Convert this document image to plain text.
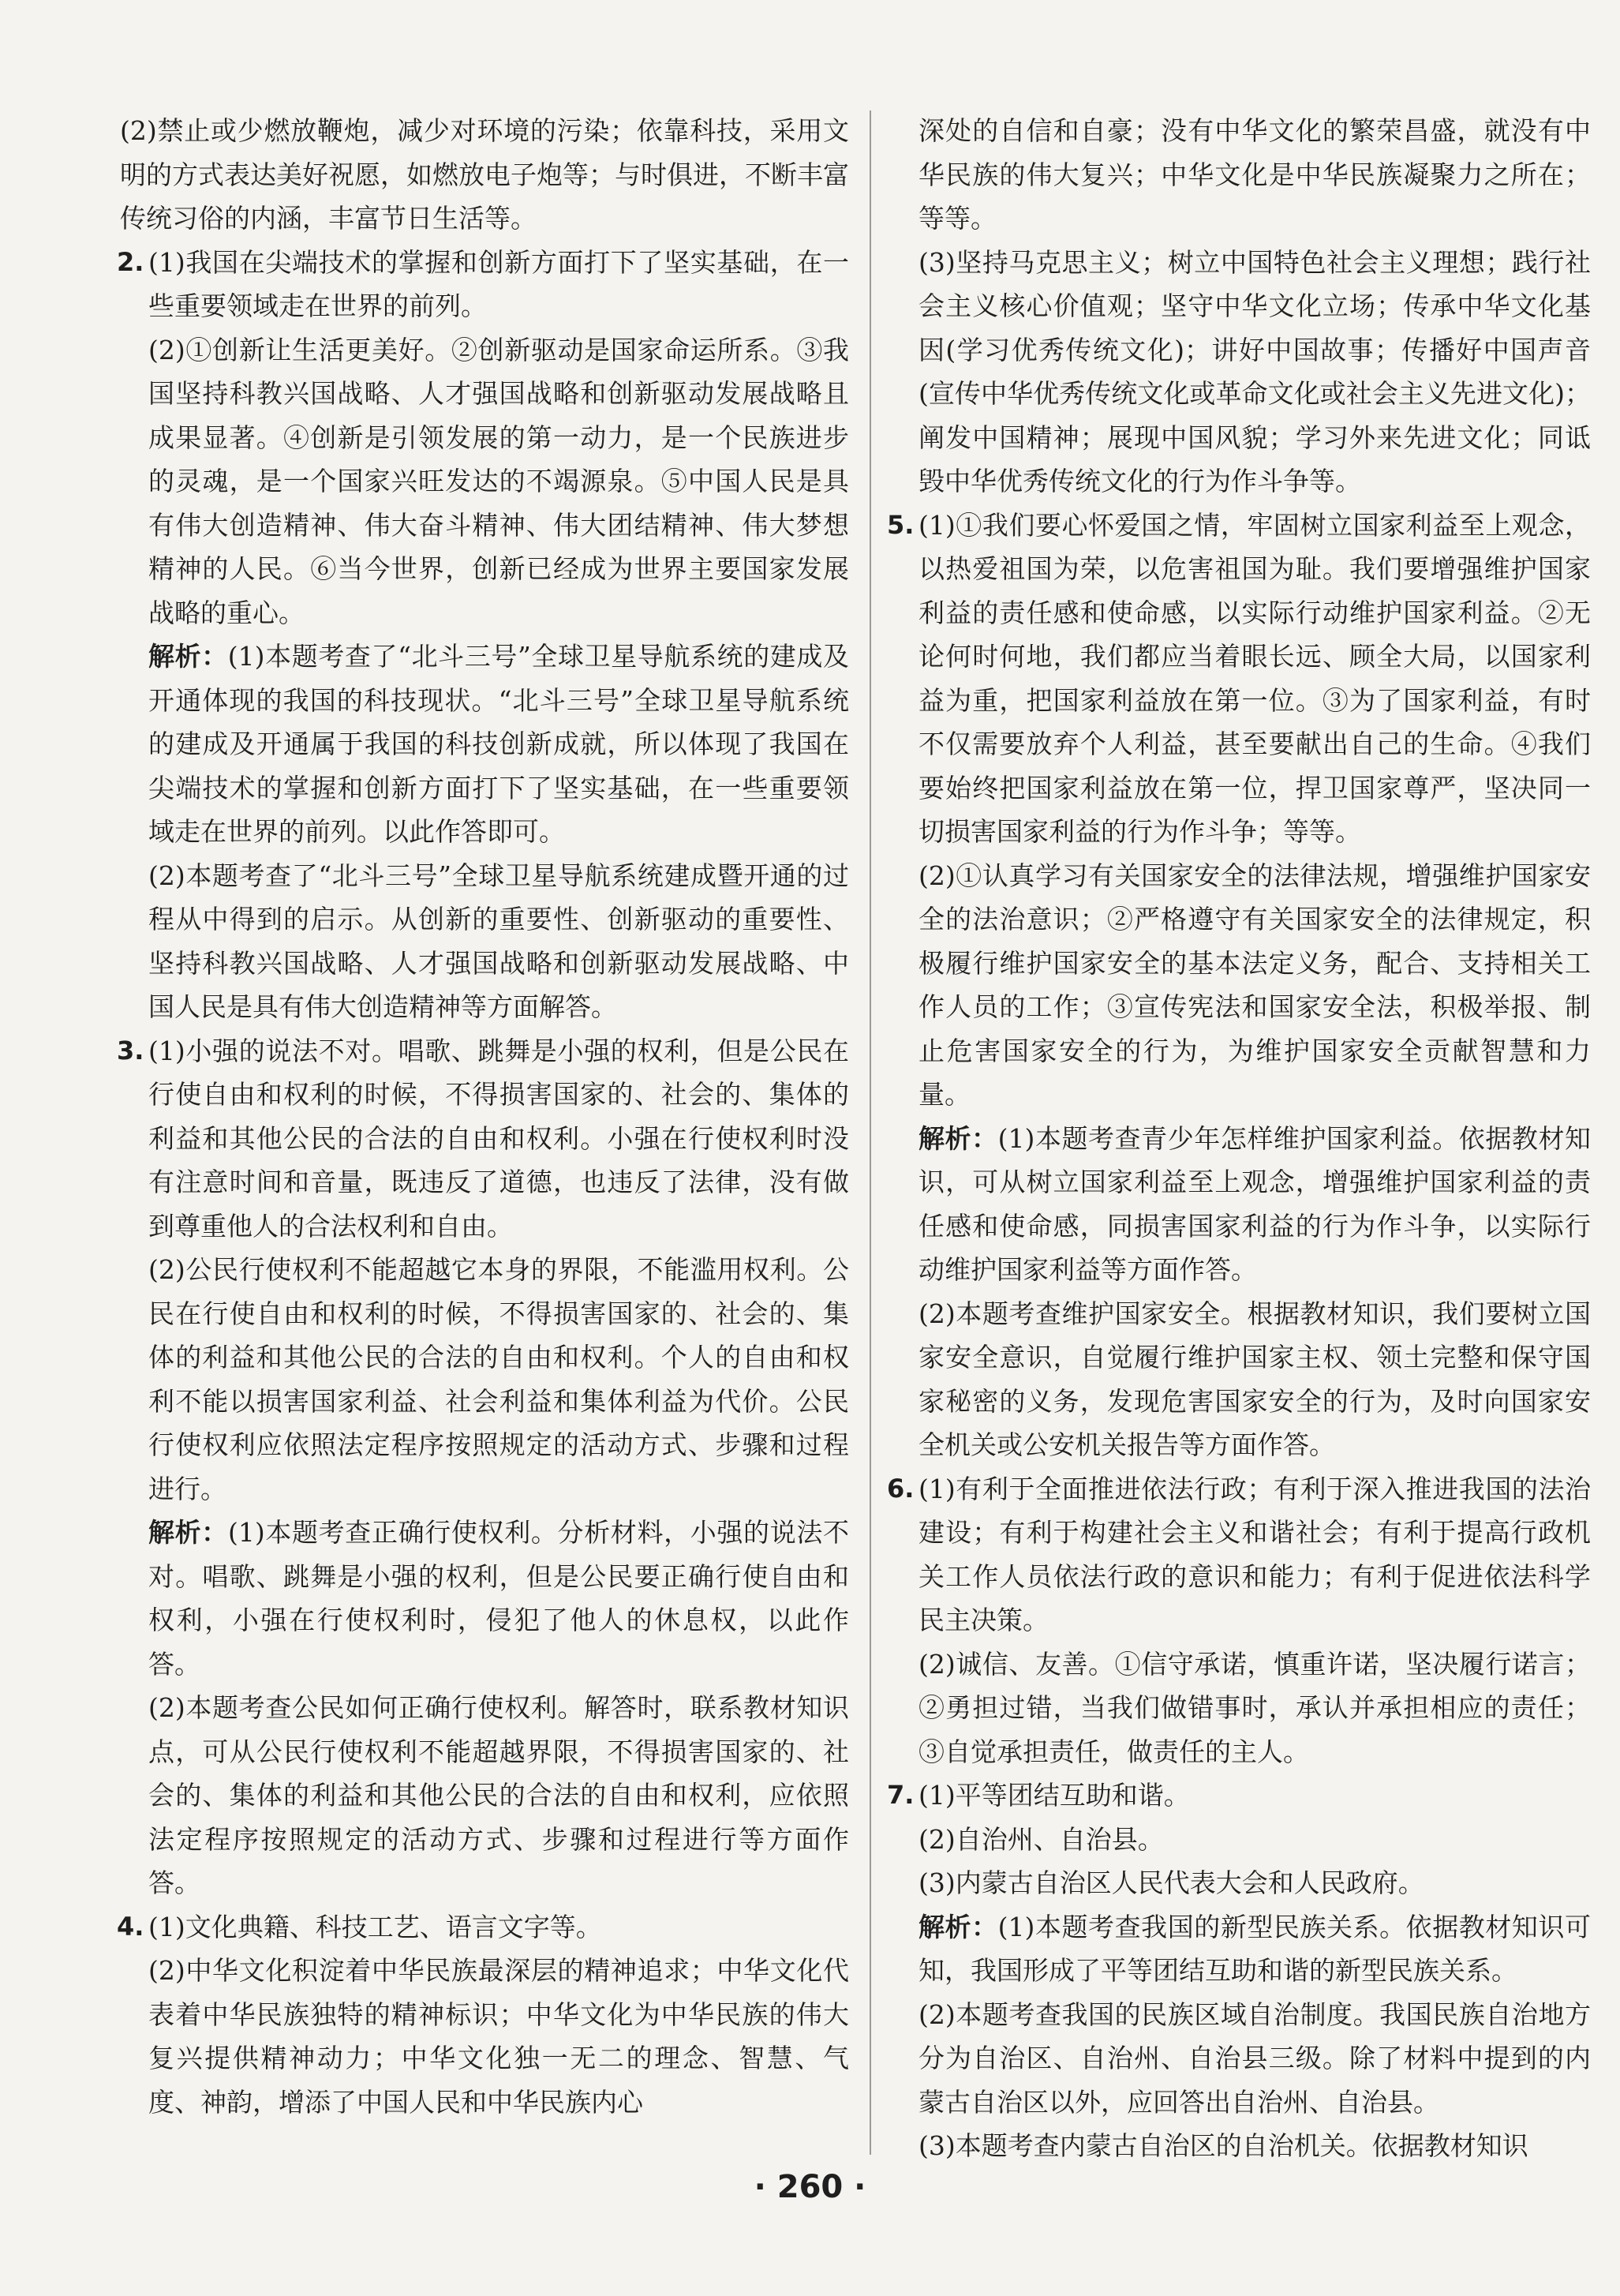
(2)禁止或少燃放鞭炮，减少对环境的污染；依靠科技，采用文明的方式表达美好祝愿，如燃放电子炮等；与时俱进，不断丰富传统习俗的内涵，丰富节日生活等。

2. (1)我国在尖端技术的掌握和创新方面打下了坚实基础，在一些重要领域走在世界的前列。

(2)①创新让生活更美好。②创新驱动是国家命运所系。③我国坚持科教兴国战略、人才强国战略和创新驱动发展战略且成果显著。④创新是引领发展的第一动力，是一个民族进步的灵魂，是一个国家兴旺发达的不竭源泉。⑤中国人民是具有伟大创造精神、伟大奋斗精神、伟大团结精神、伟大梦想精神的人民。⑥当今世界，创新已经成为世界主要国家发展战略的重心。

解析：(1)本题考查了“北斗三号”全球卫星导航系统的建成及开通体现的我国的科技现状。“北斗三号”全球卫星导航系统的建成及开通属于我国的科技创新成就，所以体现了我国在尖端技术的掌握和创新方面打下了坚实基础，在一些重要领域走在世界的前列。以此作答即可。

(2)本题考查了“北斗三号”全球卫星导航系统建成暨开通的过程从中得到的启示。从创新的重要性、创新驱动的重要性、坚持科教兴国战略、人才强国战略和创新驱动发展战略、中国人民是具有伟大创造精神等方面解答。

3. (1)小强的说法不对。唱歌、跳舞是小强的权利，但是公民在行使自由和权利的时候，不得损害国家的、社会的、集体的利益和其他公民的合法的自由和权利。小强在行使权利时没有注意时间和音量，既违反了道德，也违反了法律，没有做到尊重他人的合法权利和自由。

(2)公民行使权利不能超越它本身的界限，不能滥用权利。公民在行使自由和权利的时候，不得损害国家的、社会的、集体的利益和其他公民的合法的自由和权利。个人的自由和权利不能以损害国家利益、社会利益和集体利益为代价。公民行使权利应依照法定程序按照规定的活动方式、步骤和过程进行。

解析：(1)本题考查正确行使权利。分析材料，小强的说法不对。唱歌、跳舞是小强的权利，但是公民要正确行使自由和权利，小强在行使权利时，侵犯了他人的休息权，以此作答。

(2)本题考查公民如何正确行使权利。解答时，联系教材知识点，可从公民行使权利不能超越界限，不得损害国家的、社会的、集体的利益和其他公民的合法的自由和权利，应依照法定程序按照规定的活动方式、步骤和过程进行等方面作答。

4. (1)文化典籍、科技工艺、语言文字等。

(2)中华文化积淀着中华民族最深层的精神追求；中华文化代表着中华民族独特的精神标识；中华文化为中华民族的伟大复兴提供精神动力；中华文化独一无二的理念、智慧、气度、神韵，增添了中国人民和中华民族内心

深处的自信和自豪；没有中华文化的繁荣昌盛，就没有中华民族的伟大复兴；中华文化是中华民族凝聚力之所在；等等。

(3)坚持马克思主义；树立中国特色社会主义理想；践行社会主义核心价值观；坚守中华文化立场；传承中华文化基因(学习优秀传统文化)；讲好中国故事；传播好中国声音(宣传中华优秀传统文化或革命文化或社会主义先进文化)；阐发中国精神；展现中国风貌；学习外来先进文化；同诋毁中华优秀传统文化的行为作斗争等。

5. (1)①我们要心怀爱国之情，牢固树立国家利益至上观念，以热爱祖国为荣，以危害祖国为耻。我们要增强维护国家利益的责任感和使命感，以实际行动维护国家利益。②无论何时何地，我们都应当着眼长远、顾全大局，以国家利益为重，把国家利益放在第一位。③为了国家利益，有时不仅需要放弃个人利益，甚至要献出自己的生命。④我们要始终把国家利益放在第一位，捍卫国家尊严，坚决同一切损害国家利益的行为作斗争；等等。

(2)①认真学习有关国家安全的法律法规，增强维护国家安全的法治意识；②严格遵守有关国家安全的法律规定，积极履行维护国家安全的基本法定义务，配合、支持相关工作人员的工作；③宣传宪法和国家安全法，积极举报、制止危害国家安全的行为，为维护国家安全贡献智慧和力量。

解析：(1)本题考查青少年怎样维护国家利益。依据教材知识，可从树立国家利益至上观念，增强维护国家利益的责任感和使命感，同损害国家利益的行为作斗争，以实际行动维护国家利益等方面作答。

(2)本题考查维护国家安全。根据教材知识，我们要树立国家安全意识，自觉履行维护国家主权、领土完整和保守国家秘密的义务，发现危害国家安全的行为，及时向国家安全机关或公安机关报告等方面作答。

6. (1)有利于全面推进依法行政；有利于深入推进我国的法治建设；有利于构建社会主义和谐社会；有利于提高行政机关工作人员依法行政的意识和能力；有利于促进依法科学民主决策。

(2)诚信、友善。①信守承诺，慎重许诺，坚决履行诺言；②勇担过错，当我们做错事时，承认并承担相应的责任；③自觉承担责任，做责任的主人。

7. (1)平等团结互助和谐。

(2)自治州、自治县。

(3)内蒙古自治区人民代表大会和人民政府。

解析：(1)本题考查我国的新型民族关系。依据教材知识可知，我国形成了平等团结互助和谐的新型民族关系。

(2)本题考查我国的民族区域自治制度。我国民族自治地方分为自治区、自治州、自治县三级。除了材料中提到的内蒙古自治区以外，应回答出自治州、自治县。

(3)本题考查内蒙古自治区的自治机关。依据教材知识

· 260 ·
